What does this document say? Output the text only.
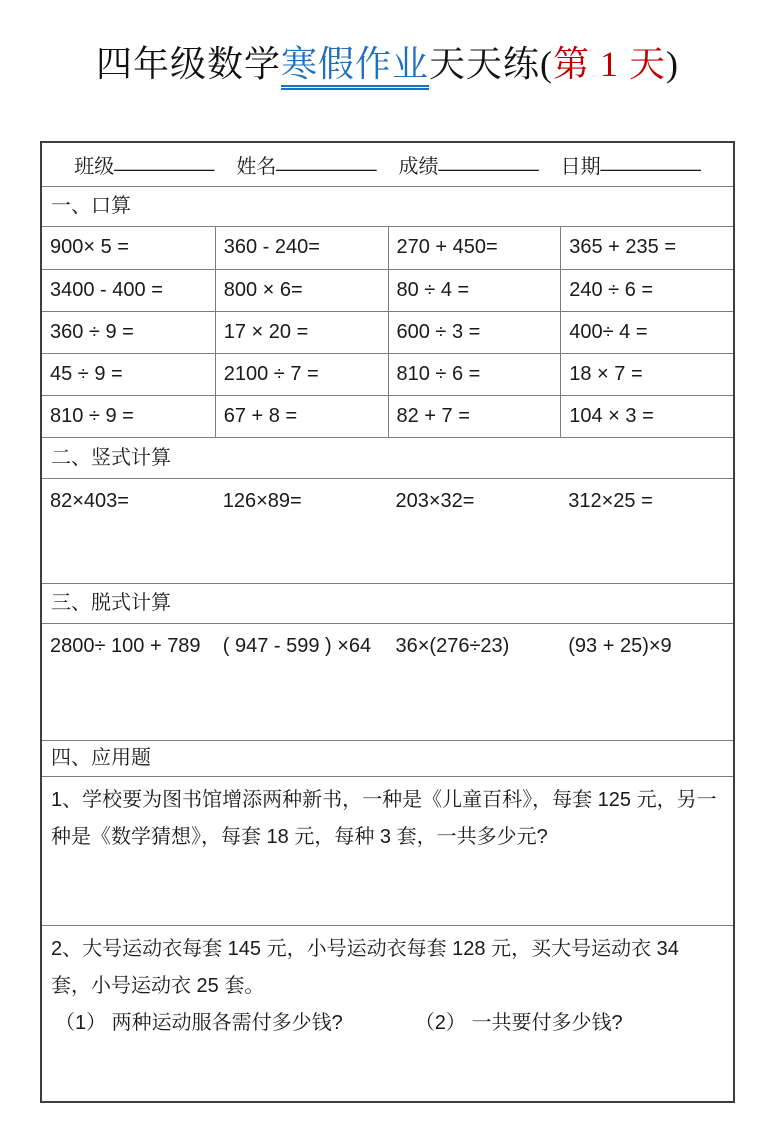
四年级数学寒假作业天天练(第 1 天)
班级 _________ 姓名 _________ 成绩 _________ 日期 _________
一、口算
900× 5 =	360 - 240=	270 + 450=	365 + 235 =
3400 - 400 =	800 × 6=	80 ÷ 4 =	240 ÷ 6 =
360 ÷ 9 =	17 × 20 =	600 ÷ 3 =	400÷ 4 =
45 ÷ 9 =	2100 ÷ 7 =	810 ÷ 6 =	18 × 7 =
810 ÷ 9 =	67 + 8 =	82 + 7 =	104 × 3 =
二、竖式计算
82×403=	126×89=	203×32=	312×25 =
三、脱式计算
2800÷ 100 + 789	( 947 - 599 ) ×64	36×(276÷23)	(93 + 25)×9
四、应用题
1、学校要为图书馆增添两种新书，一种是《儿童百科》，每套 125 元，另一种是《数学猜想》，每套 18 元，每种 3 套，一共多少元?
2、大号运动衣每套 145 元，小号运动衣每套 128 元，买大号运动衣 34 套，小号运动衣 25 套。
（1） 两种运动服各需付多少钱?	（2） 一共要付多少钱?
